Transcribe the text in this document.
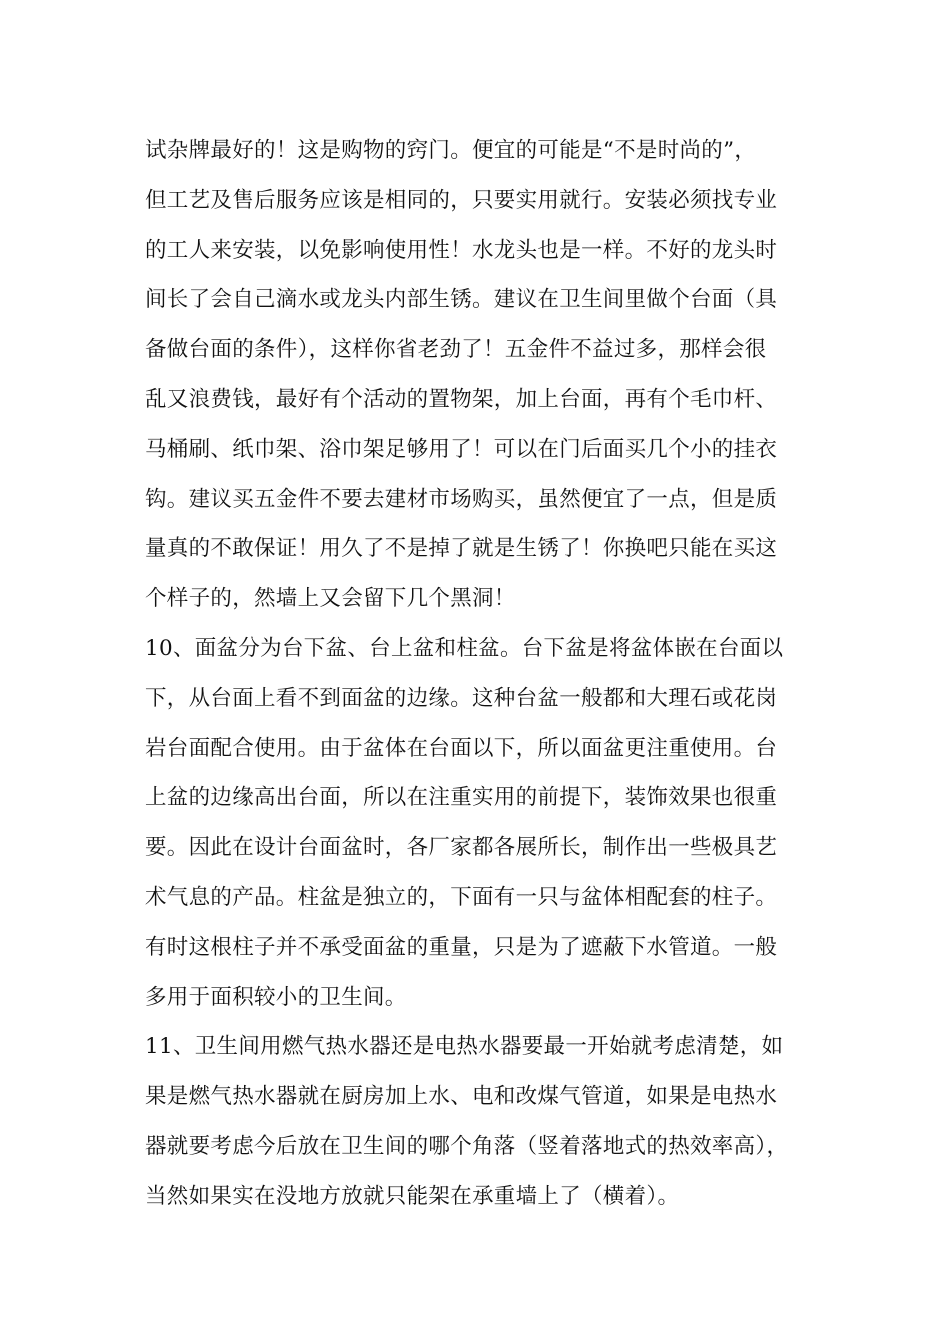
试杂牌最好的！这是购物的窍门。便宜的可能是“不是时尚的”，
但工艺及售后服务应该是相同的，只要实用就行。安装必须找专业
的工人来安装，以免影响使用性！水龙头也是一样。不好的龙头时
间长了会自己滴水或龙头内部生锈。建议在卫生间里做个台面（具
备做台面的条件），这样你省老劲了！五金件不益过多，那样会很
乱又浪费钱，最好有个活动的置物架，加上台面，再有个毛巾杆、
马桶刷、纸巾架、浴巾架足够用了！可以在门后面买几个小的挂衣
钩。建议买五金件不要去建材市场购买，虽然便宜了一点，但是质
量真的不敢保证！用久了不是掉了就是生锈了！你换吧只能在买这
个样子的，然墙上又会留下几个黑洞！
10、面盆分为台下盆、台上盆和柱盆。台下盆是将盆体嵌在台面以
下，从台面上看不到面盆的边缘。这种台盆一般都和大理石或花岗
岩台面配合使用。由于盆体在台面以下，所以面盆更注重使用。台
上盆的边缘高出台面，所以在注重实用的前提下，装饰效果也很重
要。因此在设计台面盆时，各厂家都各展所长，制作出一些极具艺
术气息的产品。柱盆是独立的，下面有一只与盆体相配套的柱子。
有时这根柱子并不承受面盆的重量，只是为了遮蔽下水管道。一般
多用于面积较小的卫生间。
11、卫生间用燃气热水器还是电热水器要最一开始就考虑清楚，如
果是燃气热水器就在厨房加上水、电和改煤气管道，如果是电热水
器就要考虑今后放在卫生间的哪个角落（竖着落地式的热效率高），
当然如果实在没地方放就只能架在承重墙上了（横着）。
